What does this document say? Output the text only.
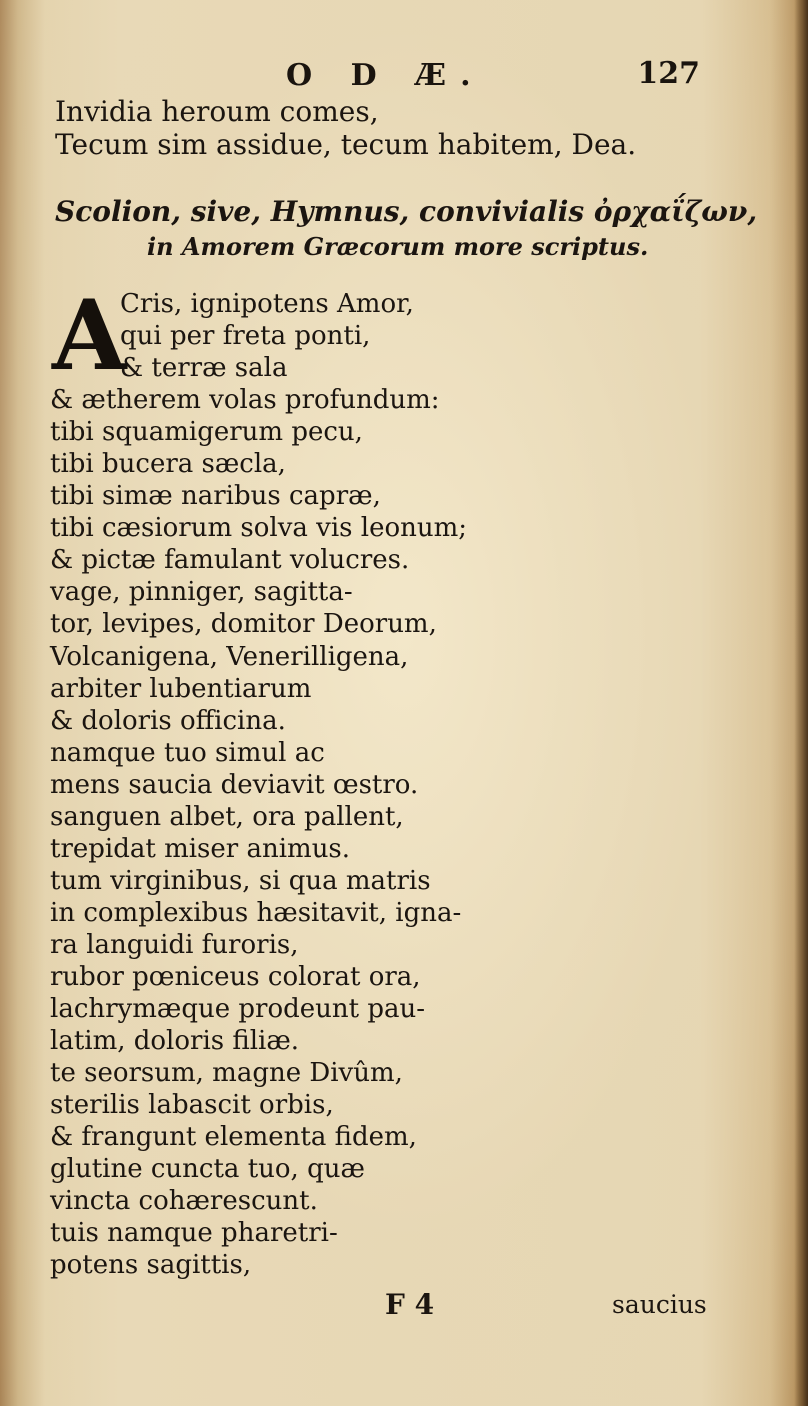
O D Æ.	127
Invidia heroum comes,
Tecum sim assidue, tecum habitem, Dea.
Scolion, sive, Hymnus, convivialis ὀρχαΐζων,
in Amorem Græcorum more scriptus.
A
Cris, ignipotens Amor,
qui per freta ponti,
& terræ sala
& ætherem volas profundum:
tibi squamigerum pecu,
tibi bucera sæcla,
tibi simæ naribus capræ,
tibi cæsiorum solva vis leonum;
& pictæ famulant volucres.
vage, pinniger, sagitta-
tor, levipes, domitor Deorum,
Volcanigena, Venerilligena,
arbiter lubentiarum
& doloris officina.
namque tuo simul ac
mens saucia deviavit œstro.
sanguen albet, ora pallent,
trepidat miser animus.
tum virginibus, si qua matris
in complexibus hæsitavit, igna-
ra languidi furoris,
rubor pœniceus colorat ora,
lachrymæque prodeunt pau-
latim, doloris filiæ.
te seorsum, magne Divûm,
sterilis labascit orbis,
& frangunt elementa fidem,
glutine cuncta tuo, quæ
vincta cohærescunt.
tuis namque pharetri-
potens sagittis,
F 4	saucius
